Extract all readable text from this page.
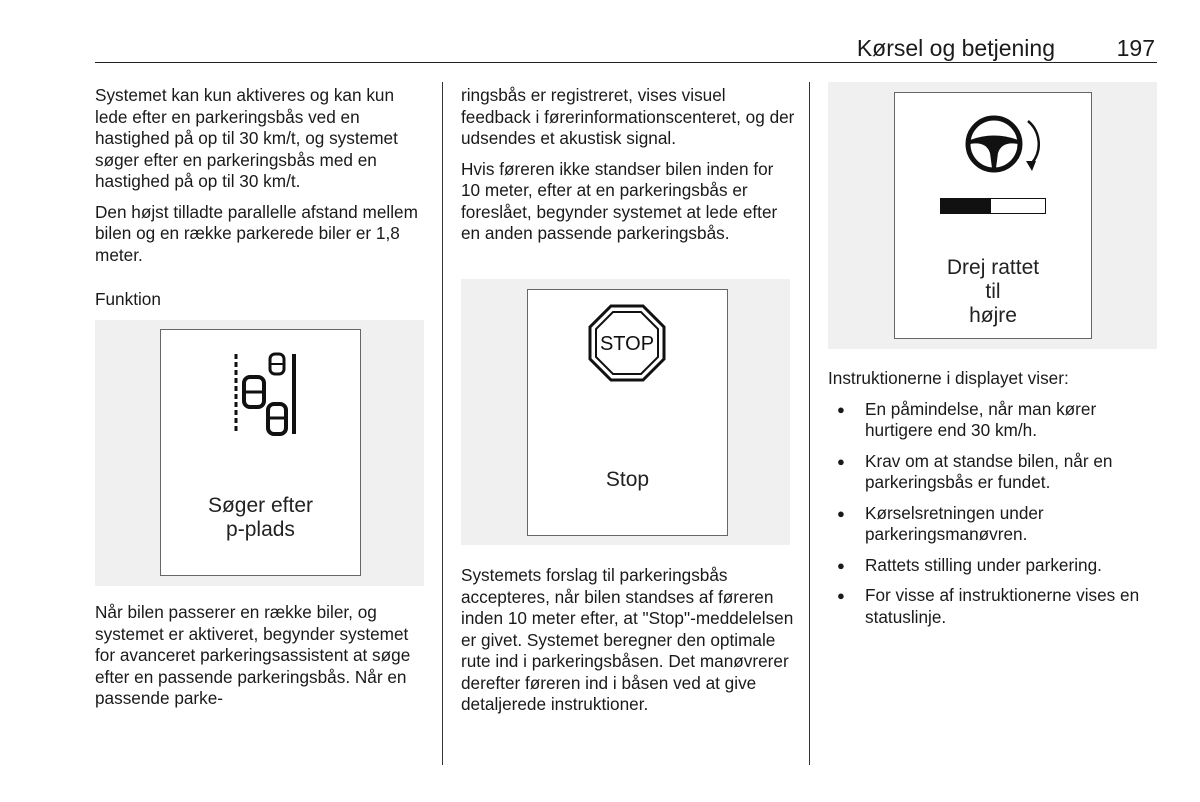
Kørsel og betjening	197

Systemet kan kun aktiveres og kan kun lede efter en parkeringsbås ved en hastighed på op til 30 km/t, og systemet søger efter en parkeringsbås med en hastighed på op til 30 km/t.

Den højst tilladte parallelle afstand mellem bilen og en række parkerede biler er 1,8 meter.

Funktion
Søger efter
p-plads

Når bilen passerer en række biler, og systemet er aktiveret, begynder systemet for avanceret parkeringsassistent at søge efter en passende parkeringsbås. Når en passende parke-

ringsbås er registreret, vises visuel feedback i førerinformationscenteret, og der udsendes et akustisk signal.

Hvis føreren ikke standser bilen inden for 10 meter, efter at en parkeringsbås er foreslået, begynder systemet at lede efter en anden passende parkeringsbås.

STOP
Stop

Systemets forslag til parkeringsbås accepteres, når bilen standses af føreren inden 10 meter efter, at "Stop"-meddelelsen er givet. Systemet beregner den optimale rute ind i parkeringsbåsen. Det manøvrerer derefter føreren ind i båsen ved at give detaljerede instruktioner.

Drej rattet
til
højre

Instruktionerne i displayet viser:

● En påmindelse, når man kører hurtigere end 30 km/h.
● Krav om at standse bilen, når en parkeringsbås er fundet.
● Kørselsretningen under parkeringsmanøvren.
● Rattets stilling under parkering.
● For visse af instruktionerne vises en statuslinje.
